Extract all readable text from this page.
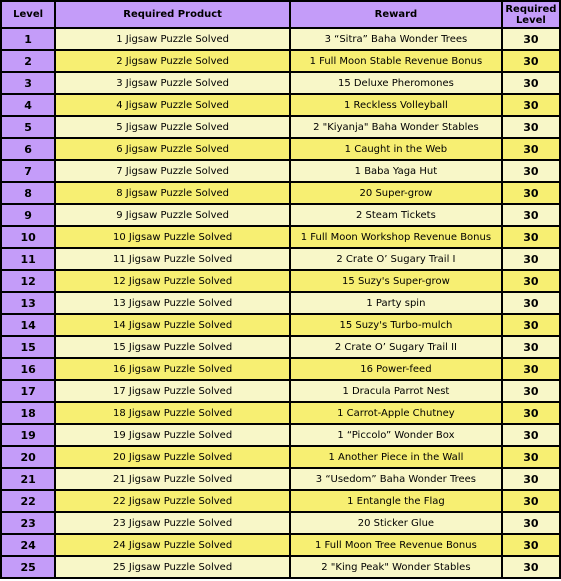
Level	Required Product	Reward	Required
Level
1	1 Jigsaw Puzzle Solved	3 “Sitra” Baha Wonder Trees	30
2	2 Jigsaw Puzzle Solved	1 Full Moon Stable Revenue Bonus	30
3	3 Jigsaw Puzzle Solved	15 Deluxe Pheromones	30
4	4 Jigsaw Puzzle Solved	1 Reckless Volleyball	30
5	5 Jigsaw Puzzle Solved	2 "Kiyanja" Baha Wonder Stables	30
6	6 Jigsaw Puzzle Solved	1 Caught in the Web	30
7	7 Jigsaw Puzzle Solved	1 Baba Yaga Hut	30
8	8 Jigsaw Puzzle Solved	20 Super-grow	30
9	9 Jigsaw Puzzle Solved	2 Steam Tickets	30
10	10 Jigsaw Puzzle Solved	1 Full Moon Workshop Revenue Bonus	30
11	11 Jigsaw Puzzle Solved	2 Crate O’ Sugary Trail I	30
12	12 Jigsaw Puzzle Solved	15 Suzy's Super-grow	30
13	13 Jigsaw Puzzle Solved	1 Party spin	30
14	14 Jigsaw Puzzle Solved	15 Suzy's Turbo-mulch	30
15	15 Jigsaw Puzzle Solved	2 Crate O’ Sugary Trail II	30
16	16 Jigsaw Puzzle Solved	16 Power-feed	30
17	17 Jigsaw Puzzle Solved	1 Dracula Parrot Nest	30
18	18 Jigsaw Puzzle Solved	1 Carrot-Apple Chutney	30
19	19 Jigsaw Puzzle Solved	1 “Piccolo” Wonder Box	30
20	20 Jigsaw Puzzle Solved	1 Another Piece in the Wall	30
21	21 Jigsaw Puzzle Solved	3 “Usedom” Baha Wonder Trees	30
22	22 Jigsaw Puzzle Solved	1 Entangle the Flag	30
23	23 Jigsaw Puzzle Solved	20 Sticker Glue	30
24	24 Jigsaw Puzzle Solved	1 Full Moon Tree Revenue Bonus	30
25	25 Jigsaw Puzzle Solved	2 "King Peak" Wonder Stables	30
